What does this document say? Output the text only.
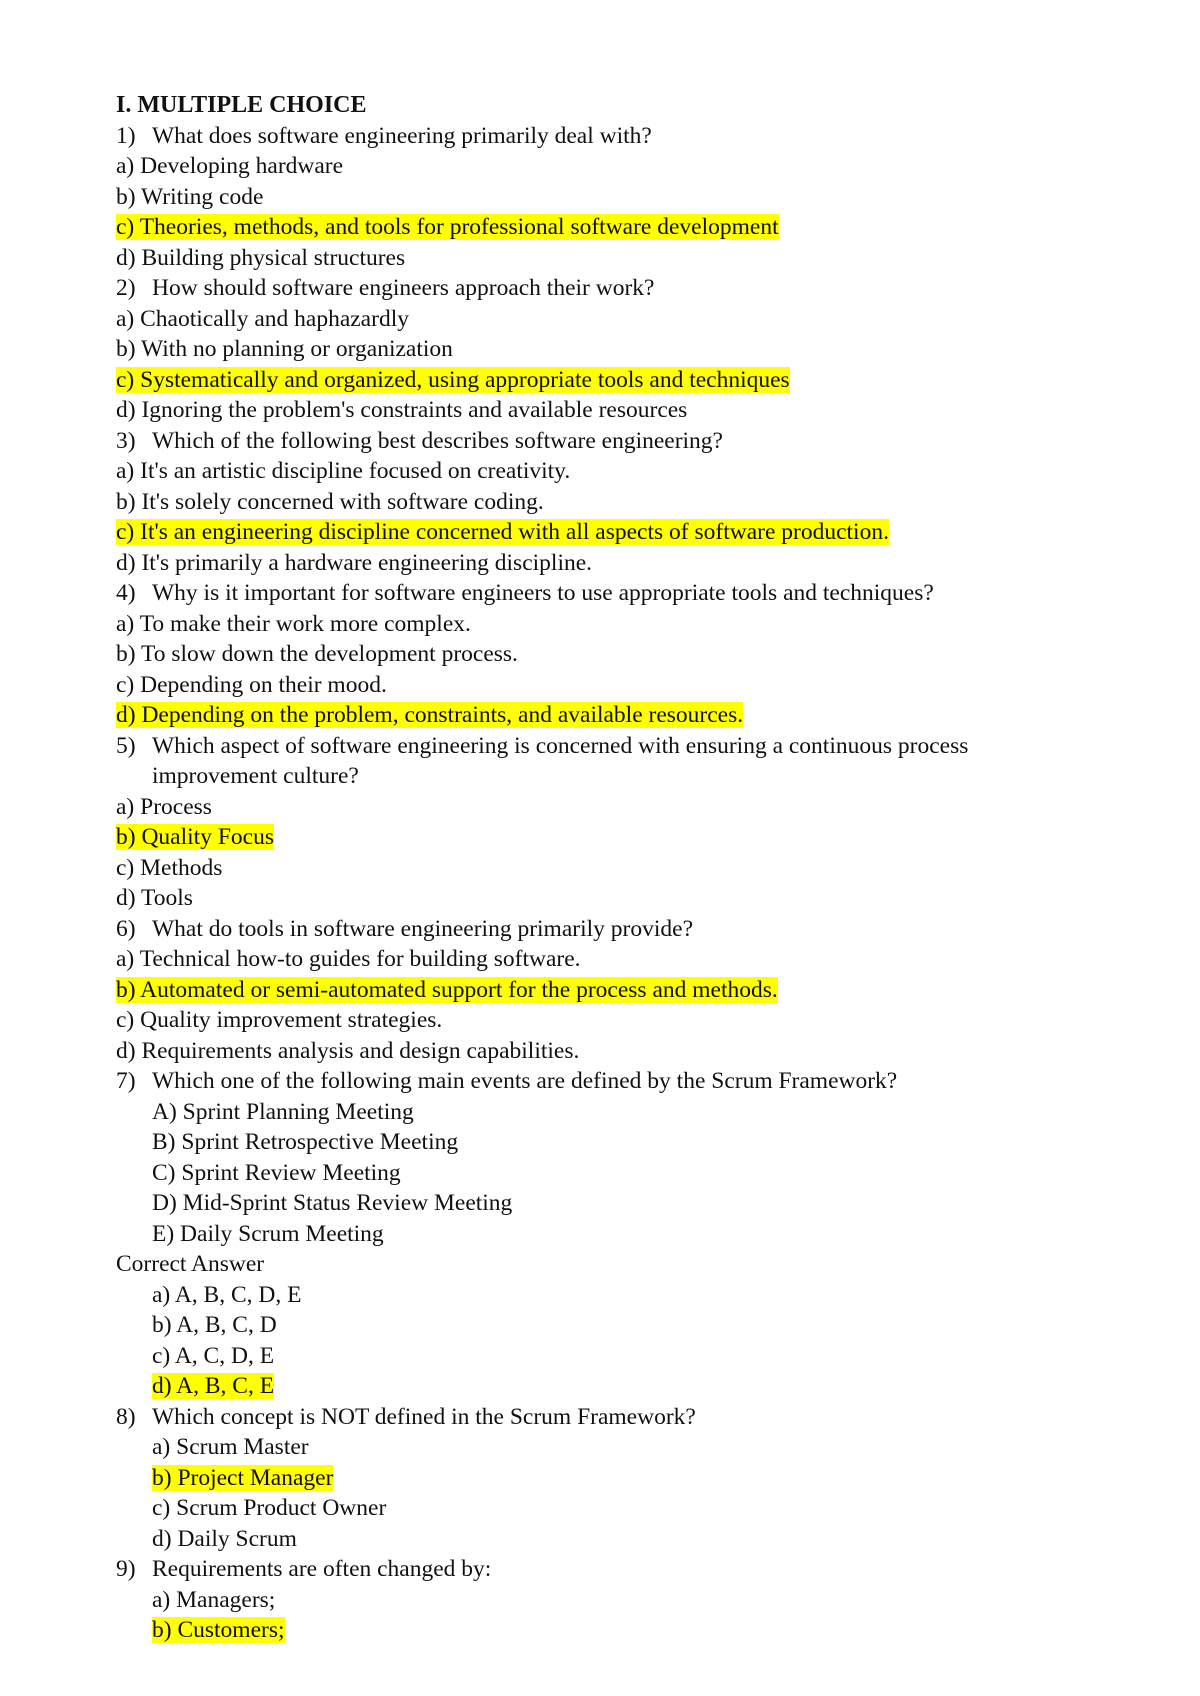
I. MULTIPLE CHOICE
1) What does software engineering primarily deal with?
a) Developing hardware
b) Writing code
c) Theories, methods, and tools for professional software development
d) Building physical structures
2) How should software engineers approach their work?
a) Chaotically and haphazardly
b) With no planning or organization
c) Systematically and organized, using appropriate tools and techniques
d) Ignoring the problem's constraints and available resources
3) Which of the following best describes software engineering?
a) It's an artistic discipline focused on creativity.
b) It's solely concerned with software coding.
c) It's an engineering discipline concerned with all aspects of software production.
d) It's primarily a hardware engineering discipline.
4) Why is it important for software engineers to use appropriate tools and techniques?
a) To make their work more complex.
b) To slow down the development process.
c) Depending on their mood.
d) Depending on the problem, constraints, and available resources.
5) Which aspect of software engineering is concerned with ensuring a continuous process
improvement culture?
a) Process
b) Quality Focus
c) Methods
d) Tools
6) What do tools in software engineering primarily provide?
a) Technical how-to guides for building software.
b) Automated or semi-automated support for the process and methods.
c) Quality improvement strategies.
d) Requirements analysis and design capabilities.
7) Which one of the following main events are defined by the Scrum Framework?
A) Sprint Planning Meeting
B) Sprint Retrospective Meeting
C) Sprint Review Meeting
D) Mid-Sprint Status Review Meeting
E) Daily Scrum Meeting
Correct Answer
a) A, B, C, D, E
b) A, B, C, D
c) A, C, D, E
d) A, B, C, E
8) Which concept is NOT defined in the Scrum Framework?
a) Scrum Master
b) Project Manager
c) Scrum Product Owner
d) Daily Scrum
9) Requirements are often changed by:
a) Managers;
b) Customers;
